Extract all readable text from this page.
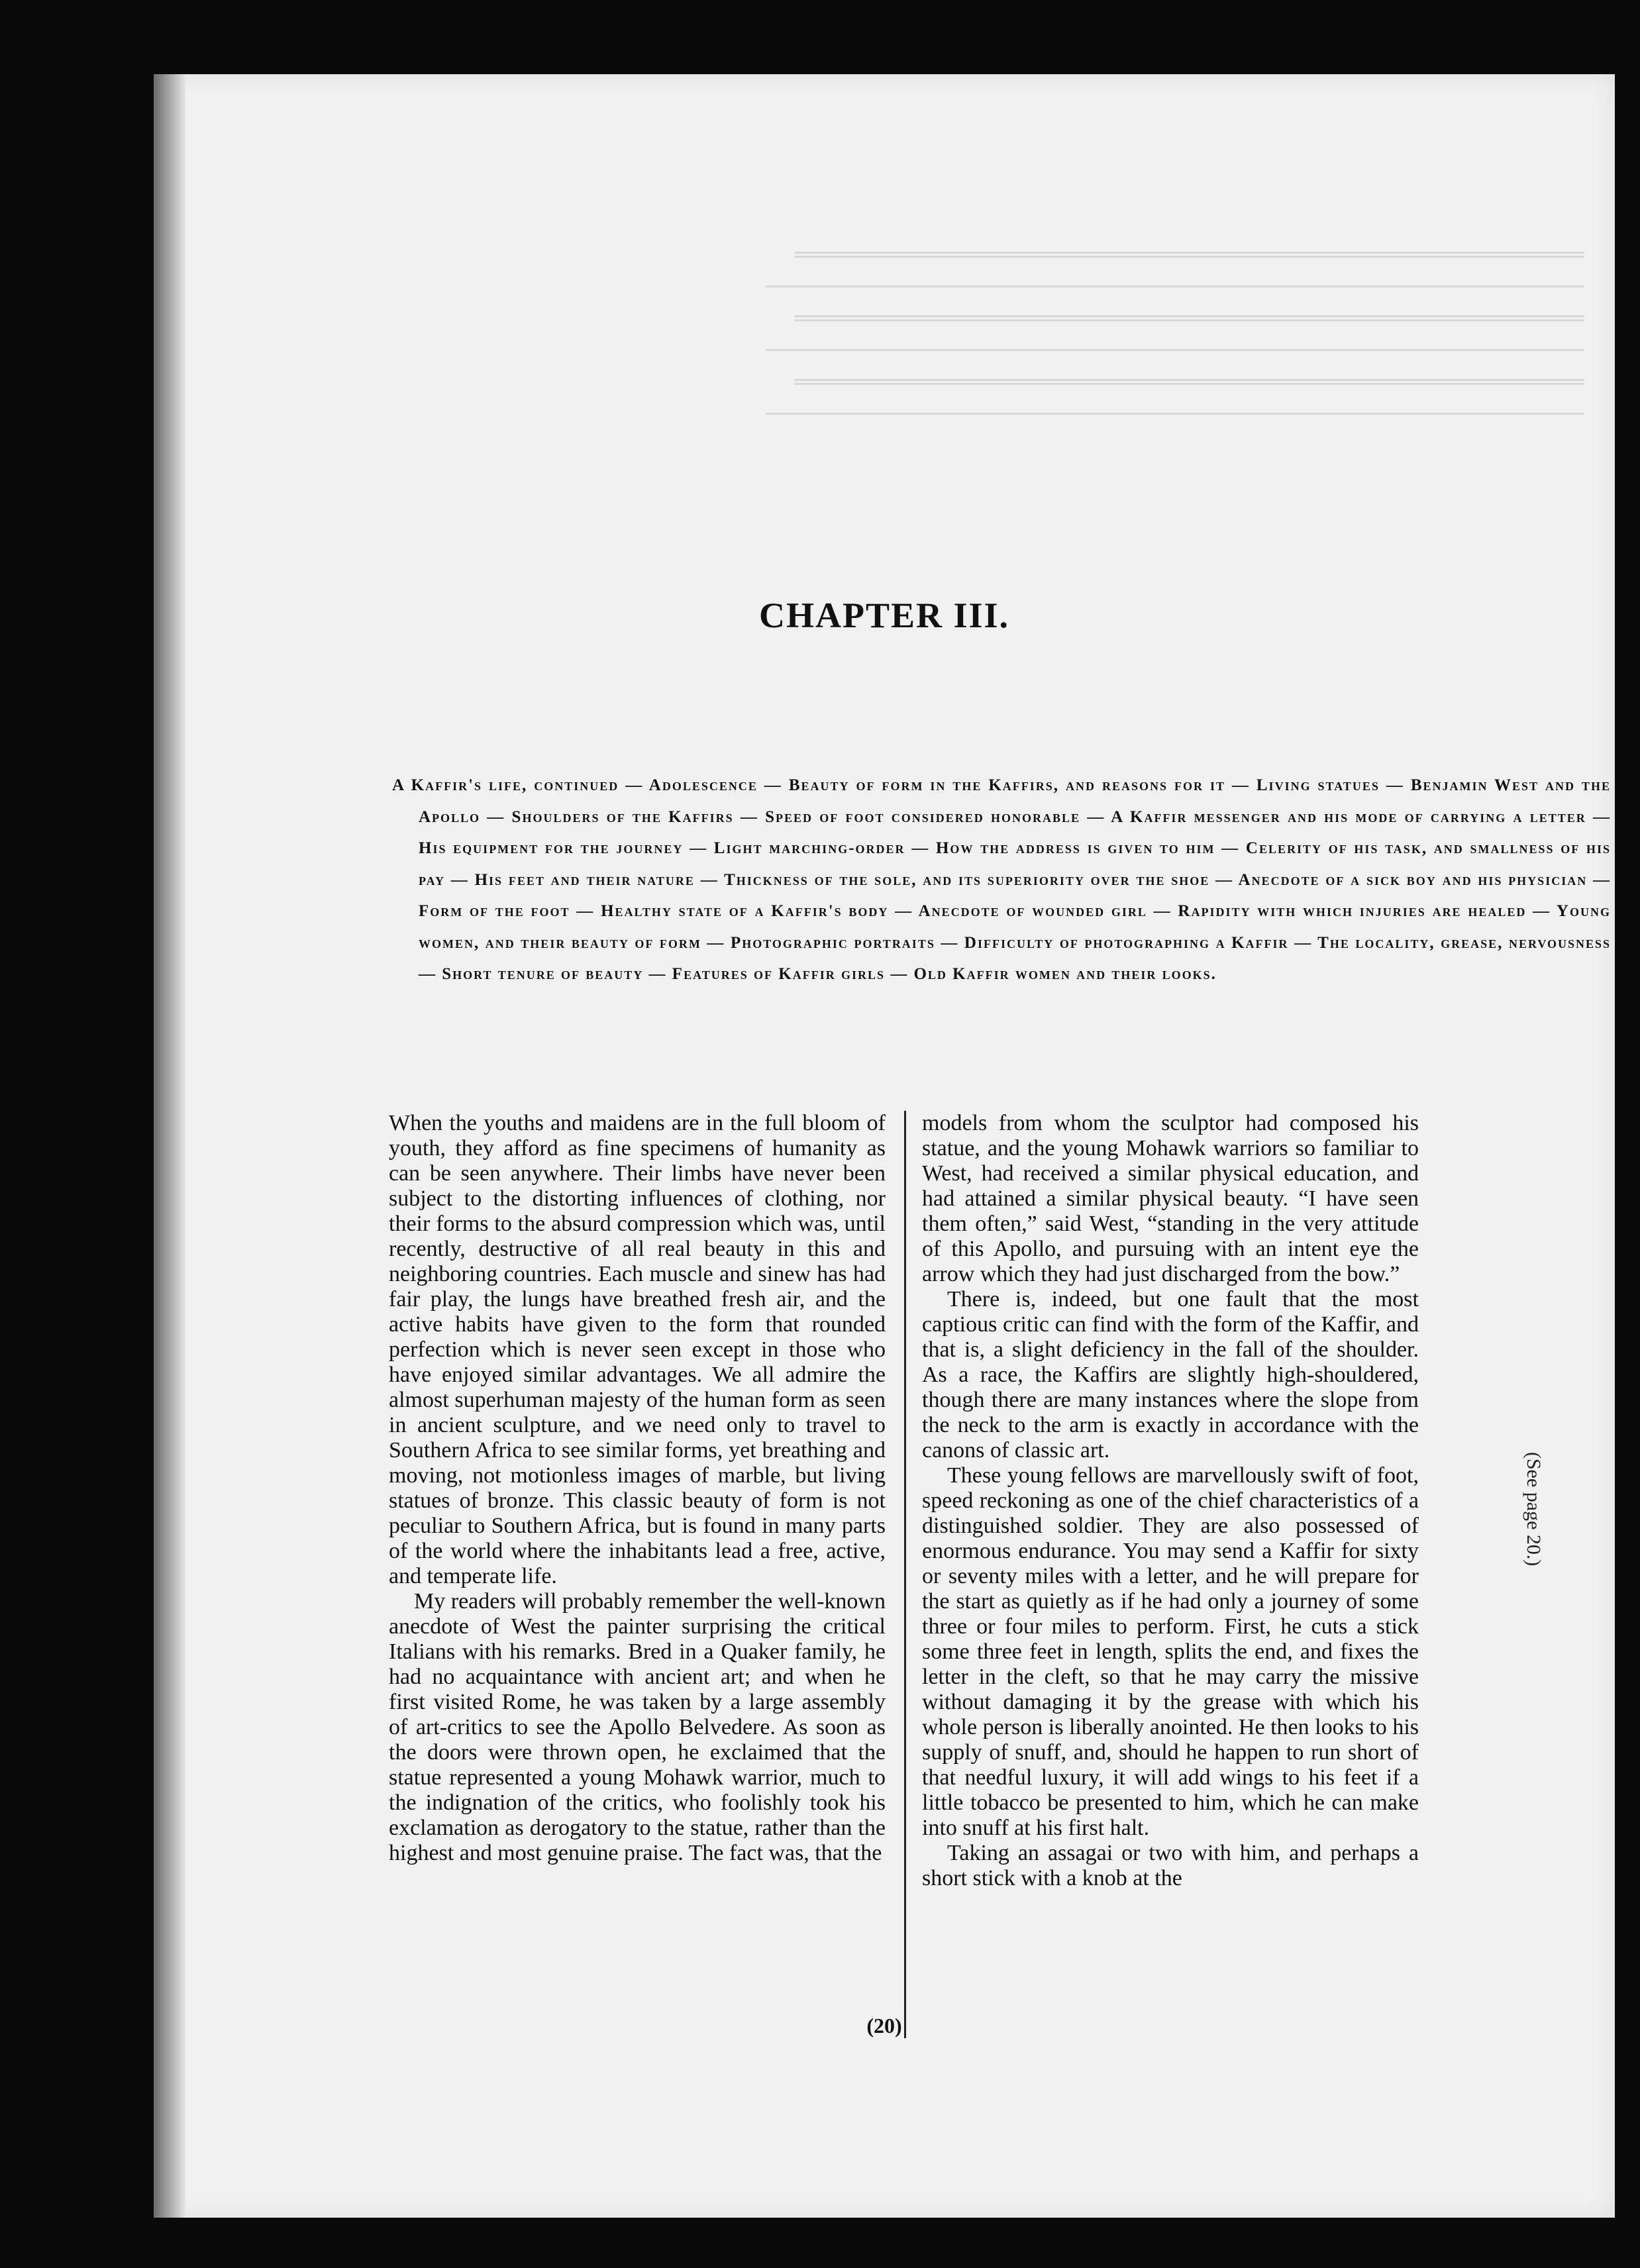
═══════════════════════════════════════════════════════ ───────────────────────────────────────────────────────── ═══════════════════════════════════════════════════════ ───────────────────────────────────────────────────────── ═══════════════════════════════════════════════════════ ─────────────────────────────────────────────────────────
CHAPTER III.
A Kaffir's life, continued — Adolescence — Beauty of form in the Kaffirs, and reasons for it — Living statues — Benjamin West and the Apollo — Shoulders of the Kaffirs — Speed of foot considered honorable — A Kaffir messenger and his mode of carrying a letter — His equipment for the journey — Light marching-order — How the address is given to him — Celerity of his task, and smallness of his pay — His feet and their nature — Thickness of the sole, and its superiority over the shoe — Anecdote of a sick boy and his physician — Form of the foot — Healthy state of a Kaffir's body — Anecdote of wounded girl — Rapidity with which injuries are healed — Young women, and their beauty of form — Photographic portraits — Difficulty of photographing a Kaffir — The locality, grease, nervousness — Short tenure of beauty — Features of Kaffir girls — Old Kaffir women and their looks.

When the youths and maidens are in the full bloom of youth, they afford as fine specimens of humanity as can be seen anywhere. Their limbs have never been subject to the distorting influences of clothing, nor their forms to the absurd compression which was, until recently, destructive of all real beauty in this and neighboring countries. Each muscle and sinew has had fair play, the lungs have breathed fresh air, and the active habits have given to the form that rounded perfection which is never seen except in those who have enjoyed similar advantages. We all admire the almost superhuman majesty of the human form as seen in ancient sculpture, and we need only to travel to Southern Africa to see similar forms, yet breathing and moving, not motionless images of marble, but living statues of bronze. This classic beauty of form is not peculiar to Southern Africa, but is found in many parts of the world where the inhabitants lead a free, active, and temperate life.

My readers will probably remember the well-known anecdote of West the painter surprising the critical Italians with his remarks. Bred in a Quaker family, he had no acquaintance with ancient art; and when he first visited Rome, he was taken by a large assembly of art-critics to see the Apollo Belvedere. As soon as the doors were thrown open, he exclaimed that the statue represented a young Mohawk warrior, much to the indignation of the critics, who foolishly took his exclamation as derogatory to the statue, rather than the highest and most genuine praise. The fact was, that the

models from whom the sculptor had composed his statue, and the young Mohawk warriors so familiar to West, had received a similar physical education, and had attained a similar physical beauty. “I have seen them often,” said West, “standing in the very attitude of this Apollo, and pursuing with an intent eye the arrow which they had just discharged from the bow.”

There is, indeed, but one fault that the most captious critic can find with the form of the Kaffir, and that is, a slight deficiency in the fall of the shoulder. As a race, the Kaffirs are slightly high-shouldered, though there are many instances where the slope from the neck to the arm is exactly in accordance with the canons of classic art.

These young fellows are marvellously swift of foot, speed reckoning as one of the chief characteristics of a distinguished soldier. They are also possessed of enormous endurance. You may send a Kaffir for sixty or seventy miles with a letter, and he will prepare for the start as quietly as if he had only a journey of some three or four miles to perform. First, he cuts a stick some three feet in length, splits the end, and fixes the letter in the cleft, so that he may carry the missive without damaging it by the grease with which his whole person is liberally anointed. He then looks to his supply of snuff, and, should he happen to run short of that needful luxury, it will add wings to his feet if a little tobacco be presented to him, which he can make into snuff at his first halt.

Taking an assagai or two with him, and perhaps a short stick with a knob at the

(20)
(See page 20.)
